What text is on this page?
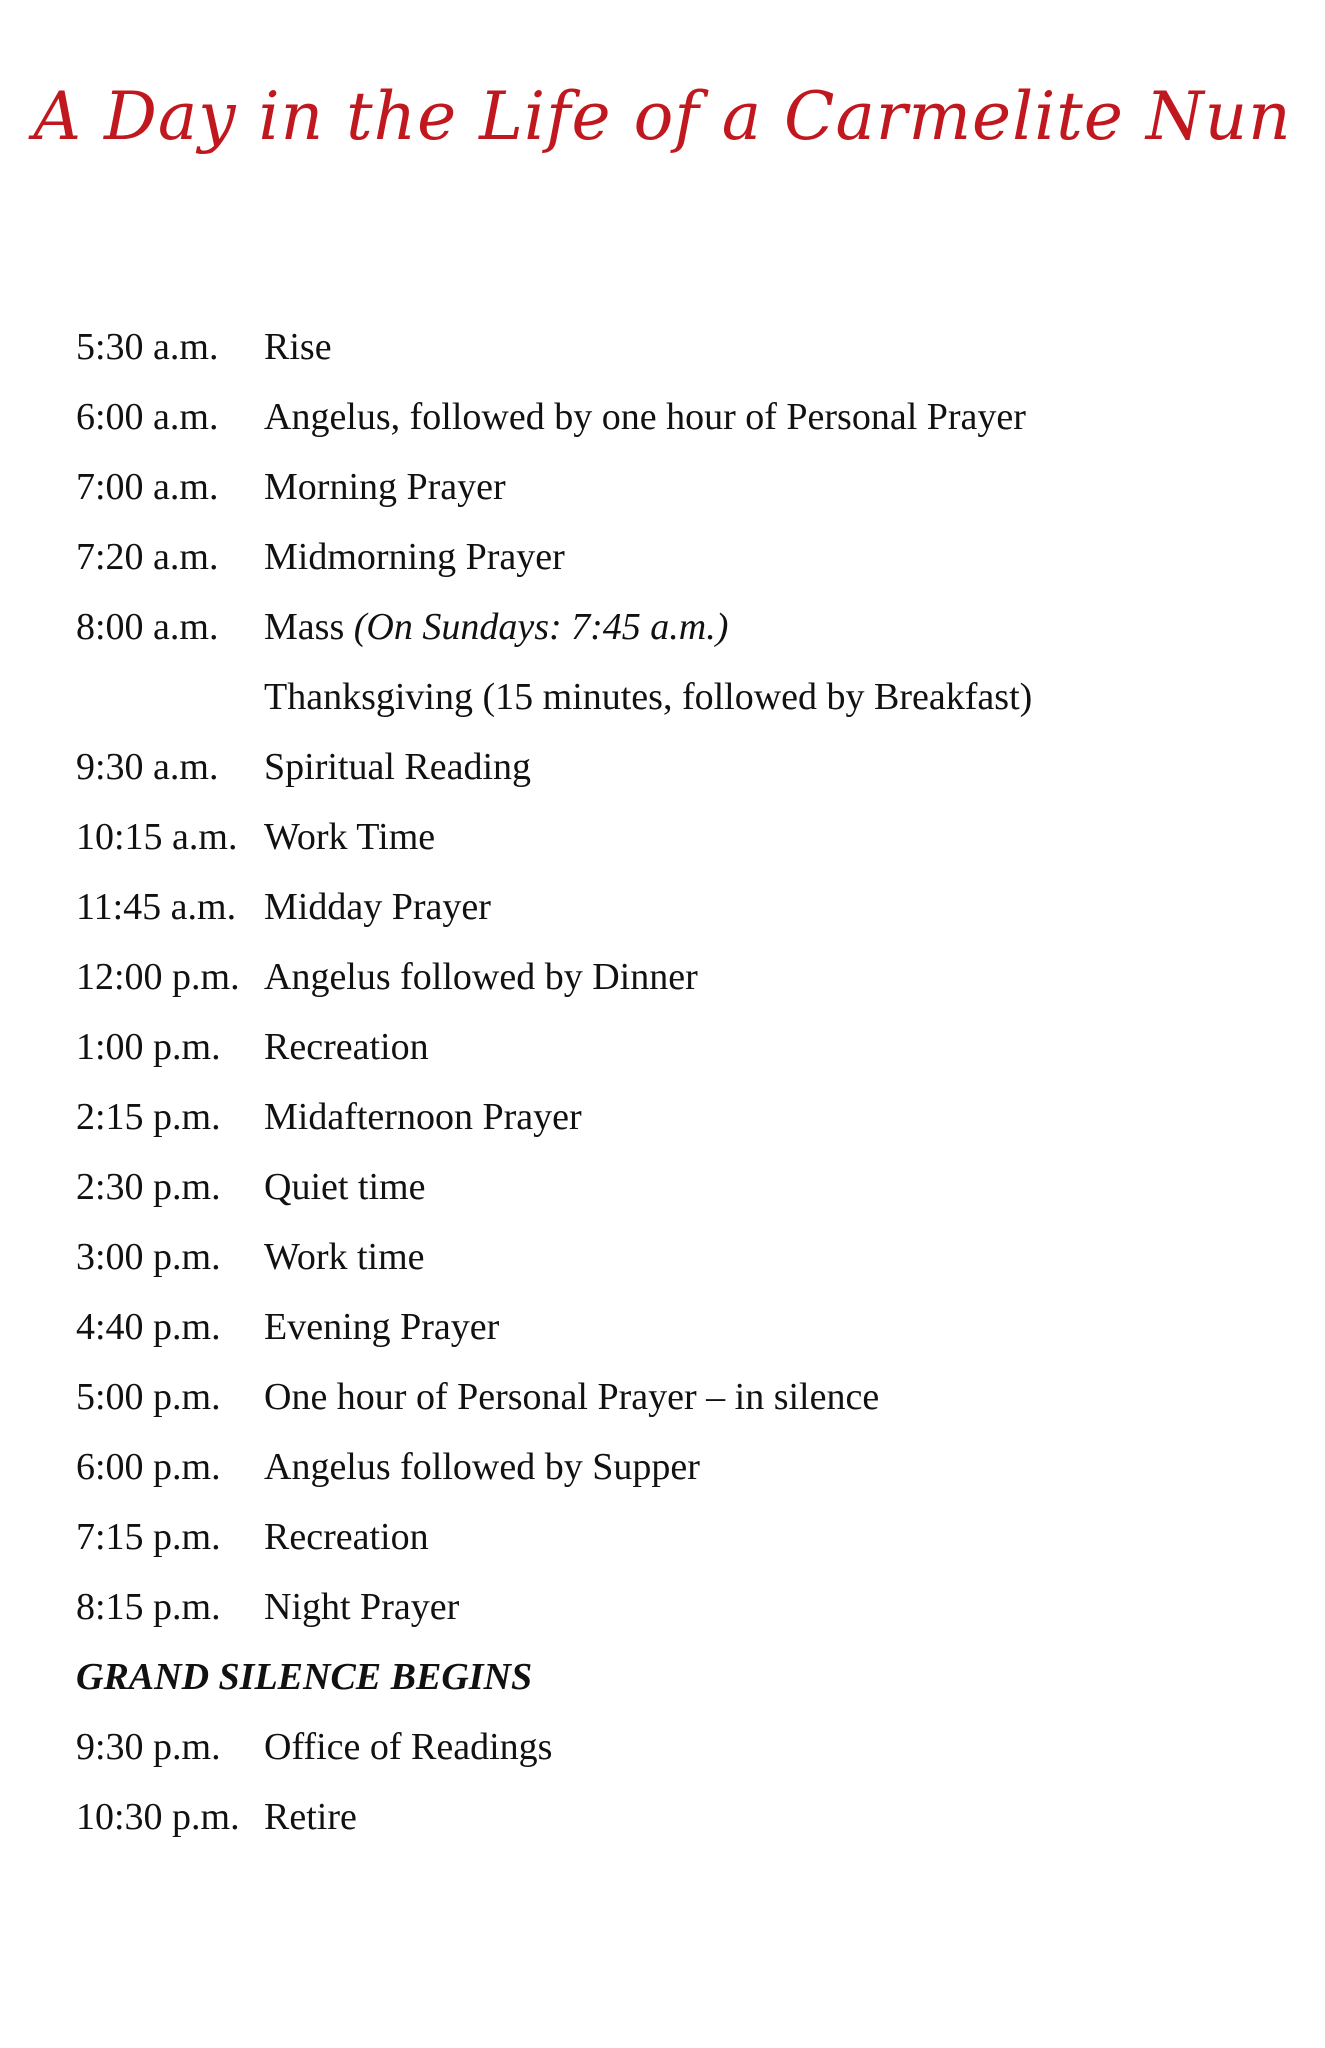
A Day in the Life of a Carmelite Nun
5:30 a.m.	Rise
6:00 a.m.	Angelus, followed by one hour of Personal Prayer
7:00 a.m.	Morning Prayer
7:20 a.m.	Midmorning Prayer
8:00 a.m.	Mass (On Sundays: 7:45 a.m.)
Thanksgiving (15 minutes, followed by Breakfast)
9:30 a.m.	Spiritual Reading
10:15 a.m. Work Time
11:45 a.m. Midday Prayer
12:00 p.m. Angelus followed by Dinner
1:00 p.m.	Recreation
2:15 p.m.	Midafternoon Prayer
2:30 p.m.	Quiet time
3:00 p.m.	Work time
4:40 p.m.	Evening Prayer
5:00 p.m.	One hour of Personal Prayer – in silence
6:00 p.m.	Angelus followed by Supper
7:15 p.m.	Recreation
8:15 p.m.	Night Prayer
GRAND SILENCE BEGINS
9:30 p.m.	Office of Readings
10:30 p.m. Retire
